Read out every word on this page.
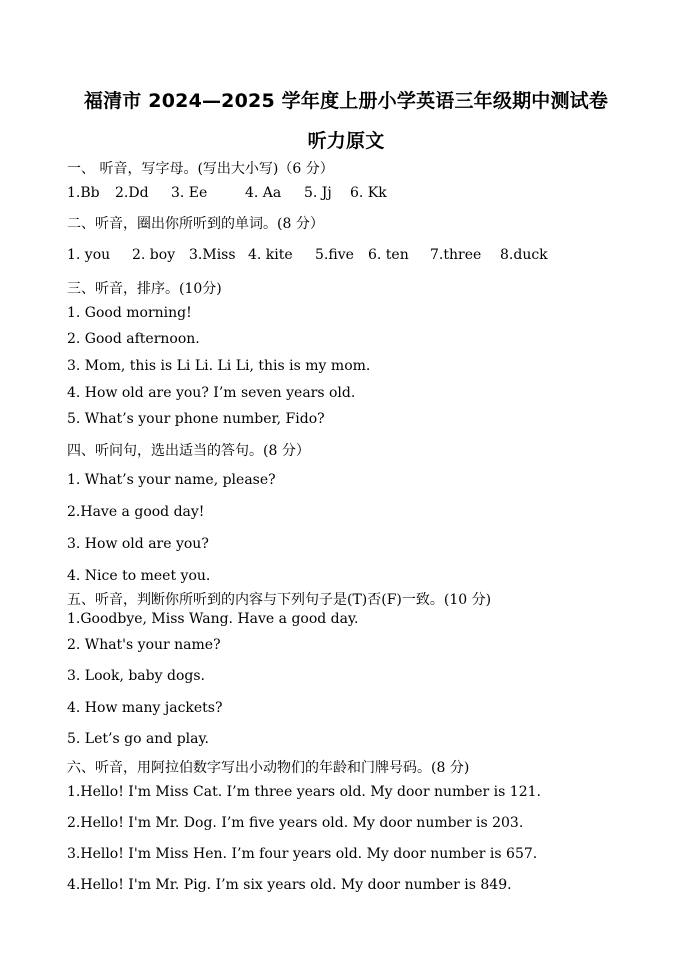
福清市 2024—2025 学年度上册小学英语三年级期中测试卷
听力原文
一、 听音，写字母。(写出大小写)（6 分）
1.Bb 2.Dd 3. Ee	4. Aa 5. Jj 6. Kk
二、听音，圈出你所听到的单词。(8 分）
1. you 2. boy 3.Miss 4. kite 5.five 6. ten 7.three 8.duck
三、听音，排序。(10分)
1. Good morning!
2. Good afternoon.
3. Mom, this is Li Li. Li Li, this is my mom.
4. How old are you? I’m seven years old.
5. What’s your phone number, Fido?
四、听问句，选出适当的答句。(8 分）
1. What’s your name, please?
2.Have a good day!
3. How old are you?
4. Nice to meet you.
五、听音，判断你所听到的内容与下列句子是(T)否(F)一致。(10 分)
1.Goodbye, Miss Wang. Have a good day.
2. What's your name?
3. Look, baby dogs.
4. How many jackets?
5. Let’s go and play.
六、听音，用阿拉伯数字写出小动物们的年龄和门牌号码。(8 分)
1.Hello! I'm Miss Cat. I’m three years old. My door number is 121.
2.Hello! I'm Mr. Dog. I’m five years old. My door number is 203.
3.Hello! I'm Miss Hen. I’m four years old. My door number is 657.
4.Hello! I'm Mr. Pig. I’m six years old. My door number is 849.
